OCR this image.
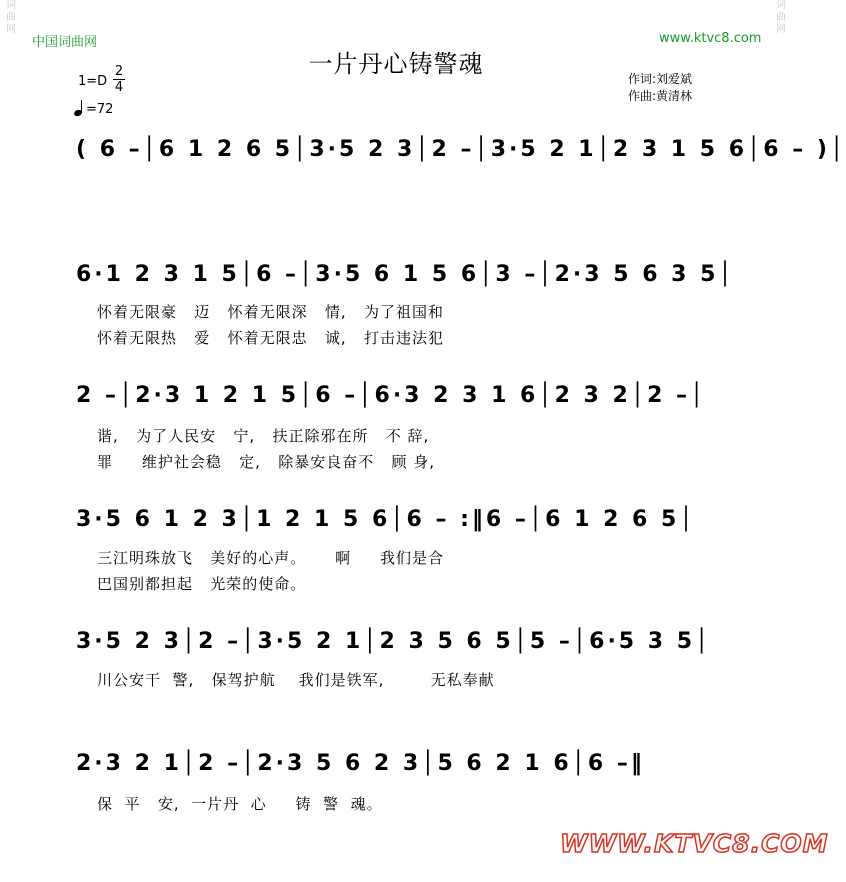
词
曲
网
词
曲
网
中国词曲网	www.ktvc8.com
一片丹心铸警魂
1=D
2
4
=72
作词:刘爱斌
作曲:黄清林
( 6 –│6 1 2 6 5│3·5 2 3│2 –│3·5 2 1│2 3 1 5 6│6 – )│
6·1 2 3 1 5│6 –│3·5 6 1 5 6│3 –│2·3 5 6 3 5│
怀着无限豪   迈   怀着无限深   情,   为了祖国和
怀着无限热   爱   怀着无限忠   诚,   打击违法犯
2 –│2·3 1 2 1 5│6 –│6·3 2 3 1 6│2 3 2│2 –│
谐,   为了人民安   宁,   扶正除邪在所   不 辞,
罪     维护社会稳   定,   除暴安良奋不   顾 身,
3·5 6 1 2 3│1 2 1 5 6│6 – :‖6 –│6 1 2 6 5│
三江明珠放飞   美好的心声。     啊     我们是合
巴国别都担起   光荣的使命。
3·5 2 3│2 –│3·5 2 1│2 3 5 6 5│5 –│6·5 3 5│
川公安干  警,   保驾护航    我们是铁军,        无私奉献
2·3 2 1│2 –│2·3 5 6 2 3│5 6 2 1 6│6 –‖
保  平   安,  一片丹  心     铸  警  魂。
WWW.KTVC8.COM
